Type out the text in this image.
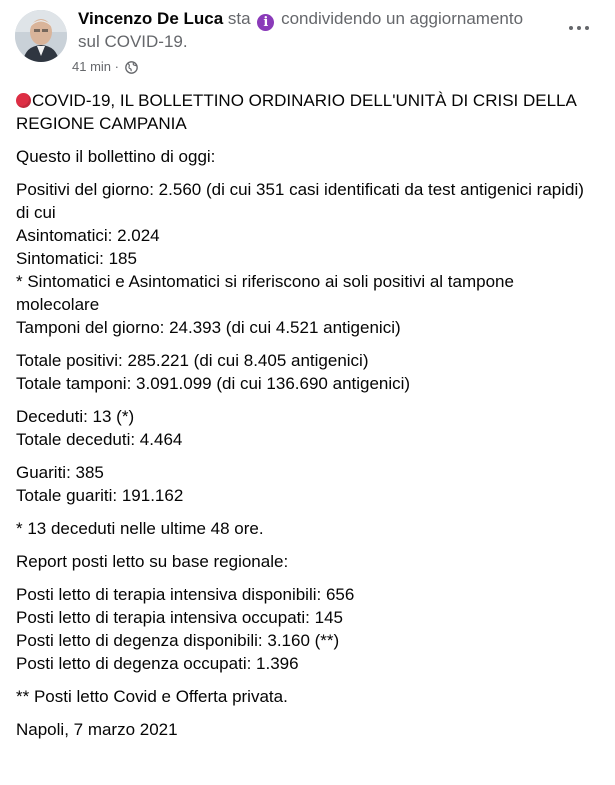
Vincenzo De Luca sta i condividendo un aggiornamento sul COVID-19.
41 min ·

COVID-19, IL BOLLETTINO ORDINARIO DELL'UNITÀ DI CRISI DELLA REGIONE CAMPANIA

Questo il bollettino di oggi:

Positivi del giorno: 2.560 (di cui 351 casi identificati da test antigenici rapidi)
di cui
Asintomatici: 2.024
Sintomatici: 185
* Sintomatici e Asintomatici si riferiscono ai soli positivi al tampone molecolare
Tamponi del giorno: 24.393 (di cui 4.521 antigenici)

Totale positivi: 285.221 (di cui 8.405 antigenici)
Totale tamponi: 3.091.099 (di cui 136.690 antigenici)

Deceduti: 13 (*)
Totale deceduti: 4.464

Guariti: 385
Totale guariti: 191.162

* 13 deceduti nelle ultime 48 ore.

Report posti letto su base regionale:

Posti letto di terapia intensiva disponibili: 656
Posti letto di terapia intensiva occupati: 145
Posti letto di degenza disponibili: 3.160 (**)
Posti letto di degenza occupati: 1.396

** Posti letto Covid e Offerta privata.

Napoli, 7 marzo 2021
